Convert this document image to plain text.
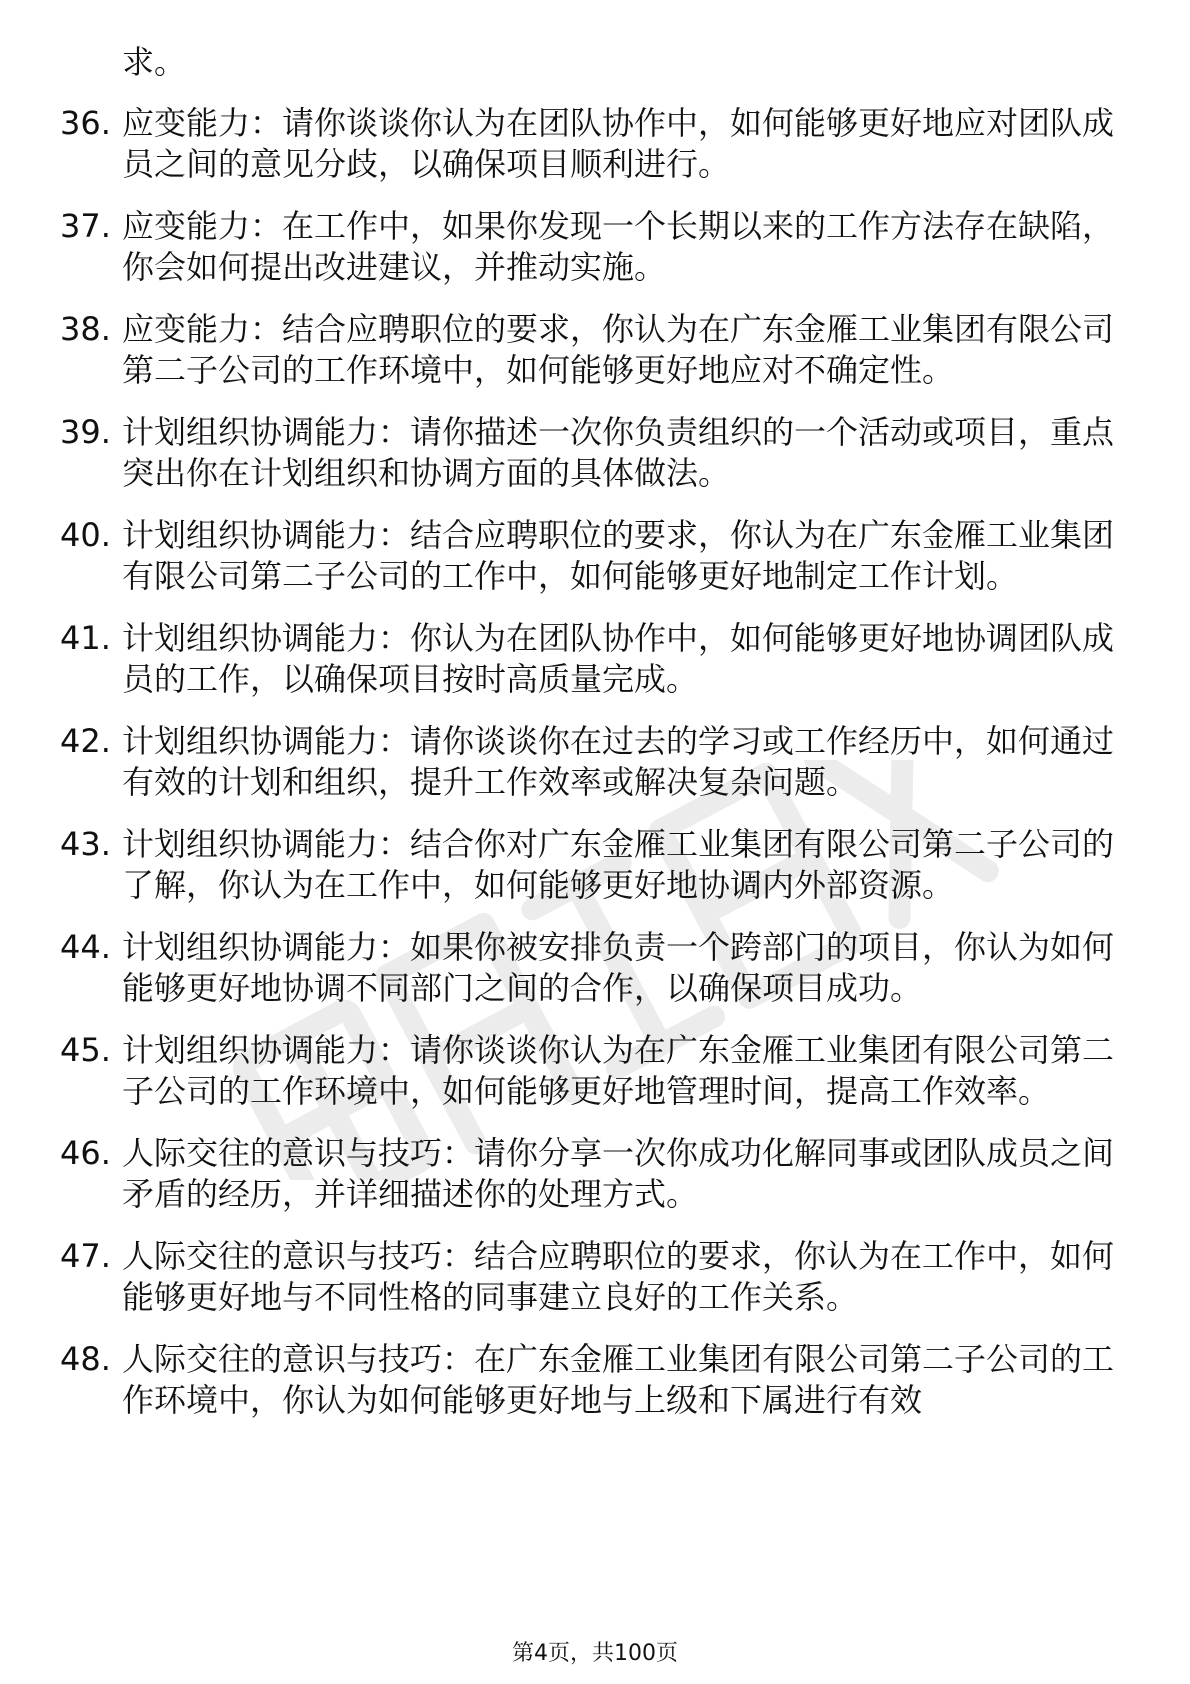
求。

36. 应变能力：请你谈谈你认为在团队协作中，如何能够更好地应对团队成员之间的意见分歧，以确保项目顺利进行。
37. 应变能力：在工作中，如果你发现一个长期以来的工作方法存在缺陷，你会如何提出改进建议，并推动实施。
38. 应变能力：结合应聘职位的要求，你认为在广东金雁工业集团有限公司第二子公司的工作环境中，如何能够更好地应对不确定性。
39. 计划组织协调能力：请你描述一次你负责组织的一个活动或项目，重点突出你在计划组织和协调方面的具体做法。
40. 计划组织协调能力：结合应聘职位的要求，你认为在广东金雁工业集团有限公司第二子公司的工作中，如何能够更好地制定工作计划。
41. 计划组织协调能力：你认为在团队协作中，如何能够更好地协调团队成员的工作，以确保项目按时高质量完成。
42. 计划组织协调能力：请你谈谈你在过去的学习或工作经历中，如何通过有效的计划和组织，提升工作效率或解决复杂问题。
43. 计划组织协调能力：结合你对广东金雁工业集团有限公司第二子公司的了解，你认为在工作中，如何能够更好地协调内外部资源。
44. 计划组织协调能力：如果你被安排负责一个跨部门的项目，你认为如何能够更好地协调不同部门之间的合作，以确保项目成功。
45. 计划组织协调能力：请你谈谈你认为在广东金雁工业集团有限公司第二子公司的工作环境中，如何能够更好地管理时间，提高工作效率。
46. 人际交往的意识与技巧：请你分享一次你成功化解同事或团队成员之间矛盾的经历，并详细描述你的处理方式。
47. 人际交往的意识与技巧：结合应聘职位的要求，你认为在工作中，如何能够更好地与不同性格的同事建立良好的工作关系。
48. 人际交往的意识与技巧：在广东金雁工业集团有限公司第二子公司的工作环境中，你认为如何能够更好地与上级和下属进行有效
第4页，共100页
